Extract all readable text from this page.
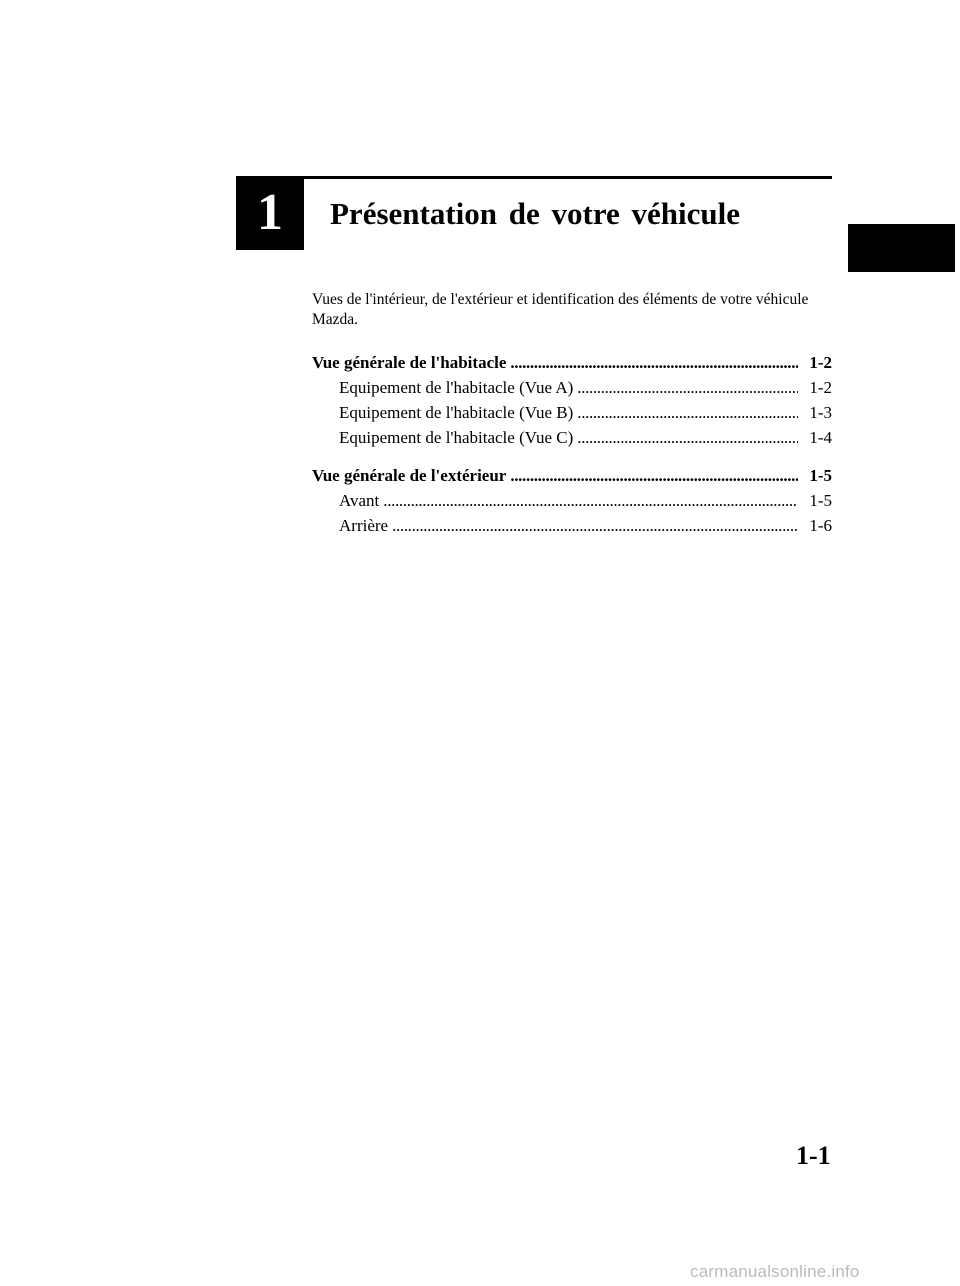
1	Présentation de votre véhicule
Vues de l'intérieur, de l'extérieur et identification des éléments de votre véhicule Mazda.
Vue générale de l'habitacle . . .	1-2
Equipement de l'habitacle (Vue A) . . .	1-2
Equipement de l'habitacle (Vue B) . . .	1-3
Equipement de l'habitacle (Vue C) . . .	1-4
Vue générale de l'extérieur . . .	1-5
Avant . . .	1-5
Arrière . . .	1-6
1-1
carmanualsonline.info
